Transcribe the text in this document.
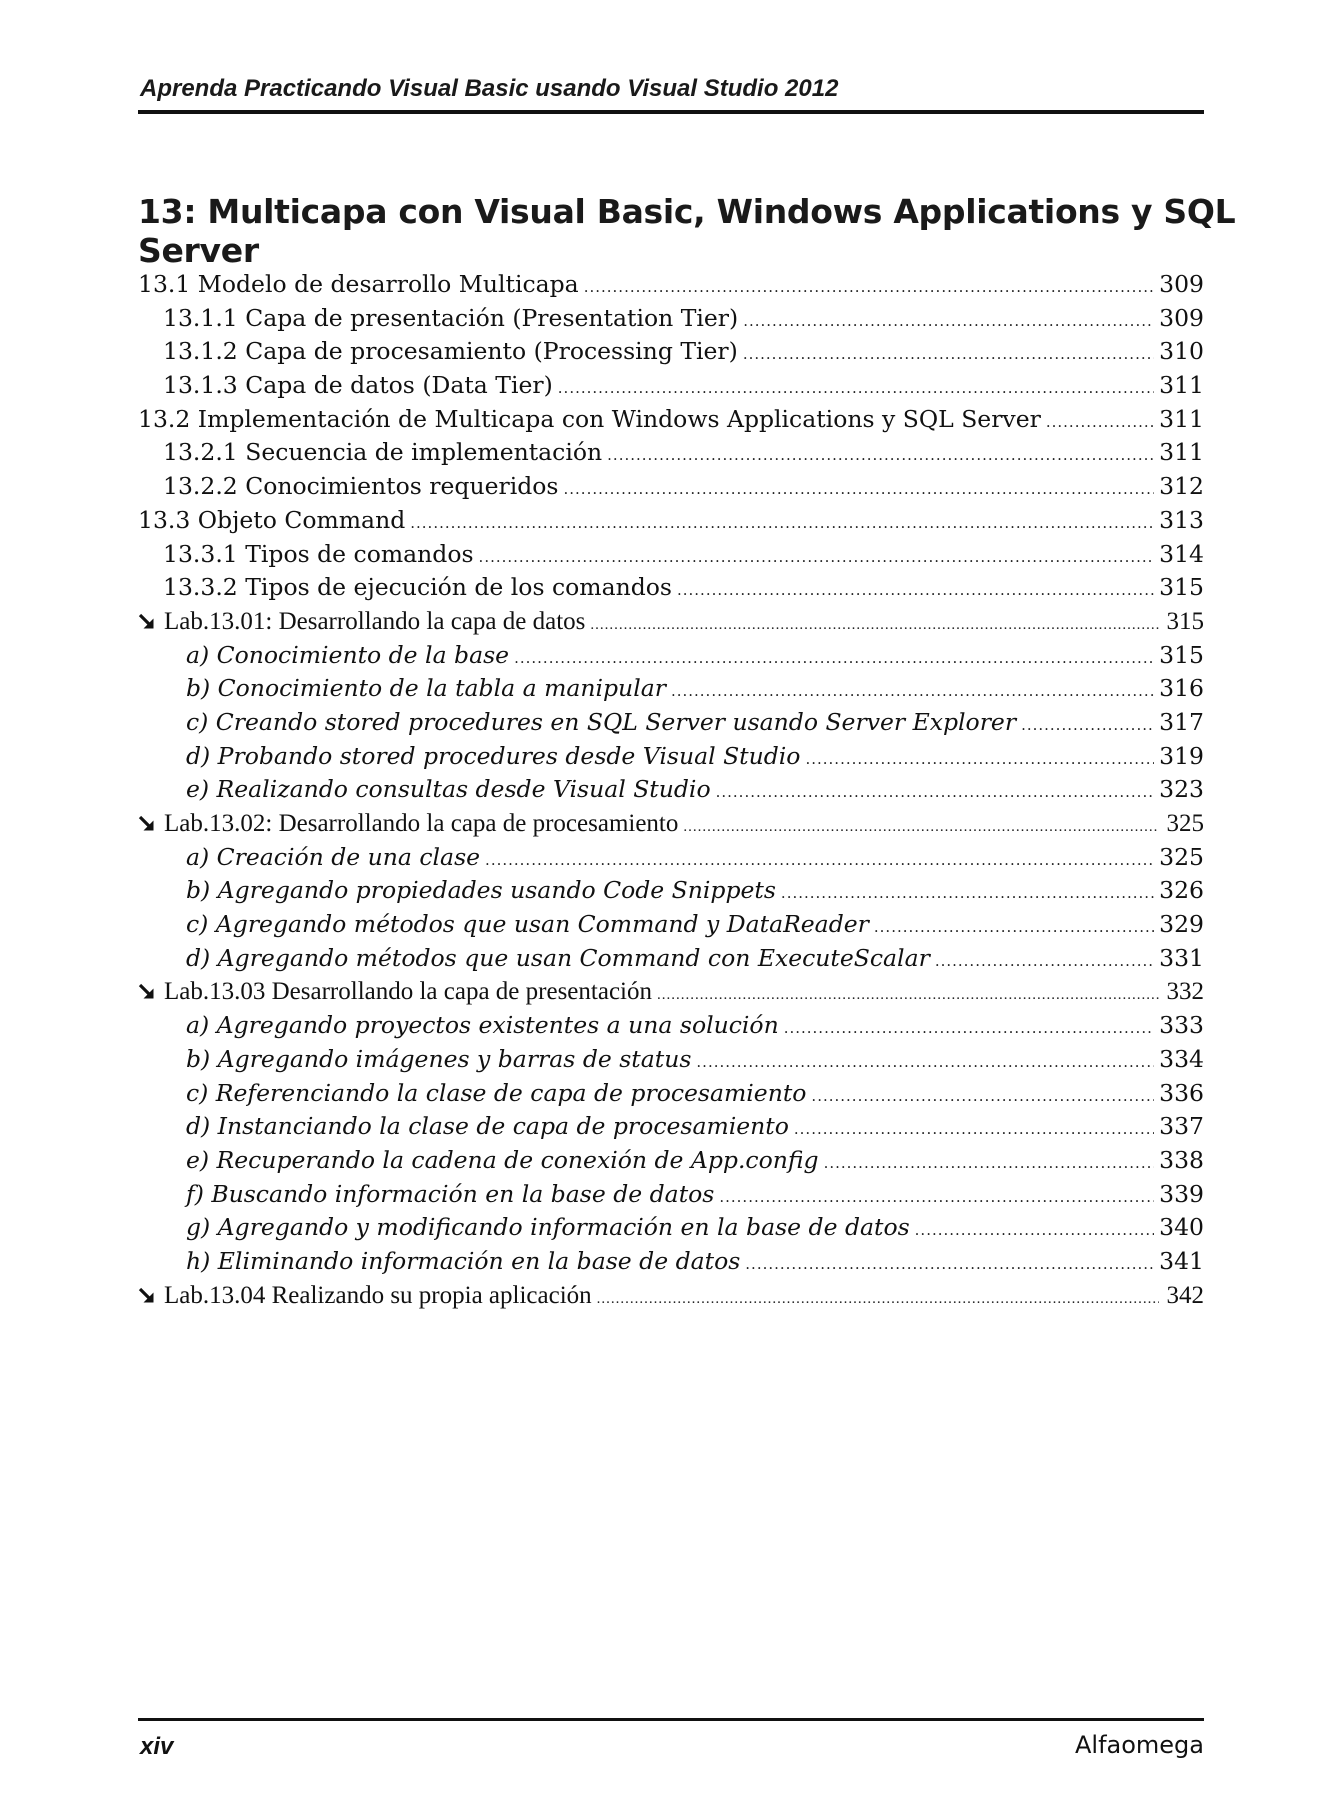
Aprenda Practicando Visual Basic usando Visual Studio 2012
13: Multicapa con Visual Basic, Windows Applications y SQL Server
13.1 Modelo de desarrollo Multicapa .....	309
13.1.1 Capa de presentación (Presentation Tier) .....	309
13.1.2 Capa de procesamiento (Processing Tier) .....	310
13.1.3 Capa de datos (Data Tier) .....	311
13.2 Implementación de Multicapa con Windows Applications y SQL Server .....	311
13.2.1 Secuencia de implementación .....	311
13.2.2 Conocimientos requeridos .....	312
13.3 Objeto Command .....	313
13.3.1 Tipos de comandos .....	314
13.3.2 Tipos de ejecución de los comandos .....	315
Lab.13.01: Desarrollando la capa de datos .....	315
a) Conocimiento de la base .....	315
b) Conocimiento de la tabla a manipular .....	316
c) Creando stored procedures en SQL Server usando Server Explorer .....	317
d) Probando stored procedures desde Visual Studio .....	319
e) Realizando consultas desde Visual Studio .....	323
Lab.13.02: Desarrollando la capa de procesamiento .....	325
a) Creación de una clase .....	325
b) Agregando propiedades usando Code Snippets .....	326
c) Agregando métodos que usan Command y DataReader .....	329
d) Agregando métodos que usan Command con ExecuteScalar .....	331
Lab.13.03 Desarrollando la capa de presentación .....	332
a) Agregando proyectos existentes a una solución .....	333
b) Agregando imágenes y barras de status .....	334
c) Referenciando la clase de capa de procesamiento .....	336
d) Instanciando la clase de capa de procesamiento .....	337
e) Recuperando la cadena de conexión de App.config .....	338
f) Buscando información en la base de datos .....	339
g) Agregando y modificando información en la base de datos .....	340
h) Eliminando información en la base de datos .....	341
Lab.13.04 Realizando su propia aplicación .....	342
xiv	Alfaomega
